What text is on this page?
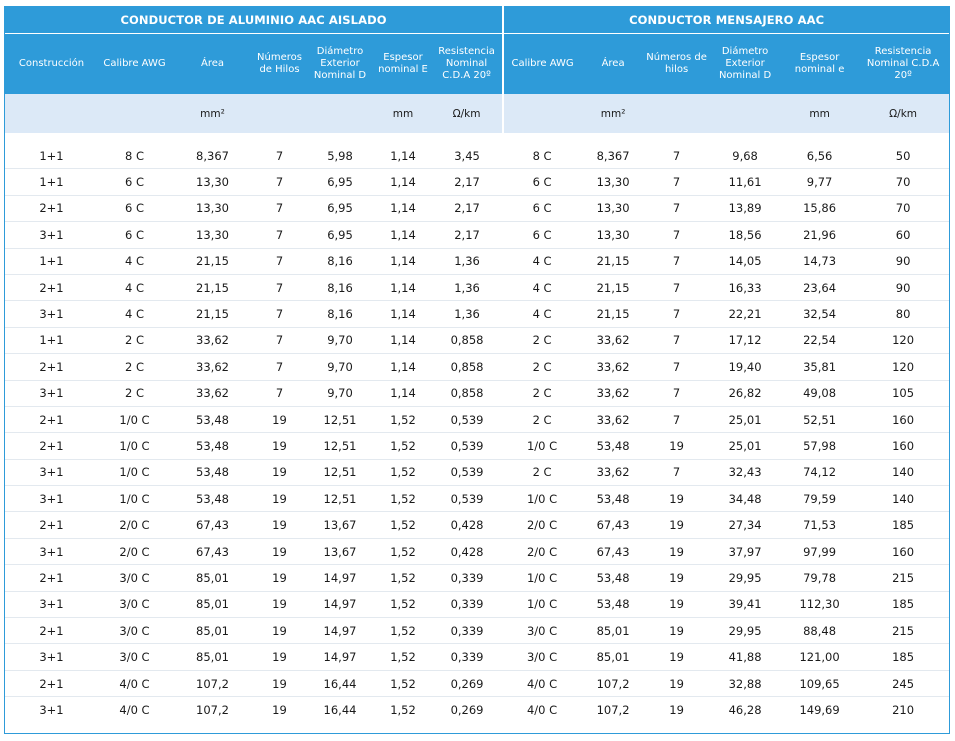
CONDUCTOR DE ALUMINIO AAC AISLADO							CONDUCTOR MENSAJERO AAC					
Construcción	Calibre AWG	Área	Números de Hilos	Diámetro Exterior Nominal D	Espesor nominal E	Resistencia Nominal C.D.A 20º	Calibre AWG	Área	Números de hilos	Diámetro Exterior Nominal D	Espesor nominal e	Resistencia Nominal C.D.A 20º
		mm²			mm	Ω/km		mm²			mm	Ω/km

1+1	8 C	8,367	7	5,98	1,14	3,45	8 C	8,367	7	9,68	6,56	50
1+1	6 C	13,30	7	6,95	1,14	2,17	6 C	13,30	7	11,61	9,77	70
2+1	6 C	13,30	7	6,95	1,14	2,17	6 C	13,30	7	13,89	15,86	70
3+1	6 C	13,30	7	6,95	1,14	2,17	6 C	13,30	7	18,56	21,96	60
1+1	4 C	21,15	7	8,16	1,14	1,36	4 C	21,15	7	14,05	14,73	90
2+1	4 C	21,15	7	8,16	1,14	1,36	4 C	21,15	7	16,33	23,64	90
3+1	4 C	21,15	7	8,16	1,14	1,36	4 C	21,15	7	22,21	32,54	80
1+1	2 C	33,62	7	9,70	1,14	0,858	2 C	33,62	7	17,12	22,54	120
2+1	2 C	33,62	7	9,70	1,14	0,858	2 C	33,62	7	19,40	35,81	120
3+1	2 C	33,62	7	9,70	1,14	0,858	2 C	33,62	7	26,82	49,08	105
2+1	1/0 C	53,48	19	12,51	1,52	0,539	2 C	33,62	7	25,01	52,51	160
2+1	1/0 C	53,48	19	12,51	1,52	0,539	1/0 C	53,48	19	25,01	57,98	160
3+1	1/0 C	53,48	19	12,51	1,52	0,539	2 C	33,62	7	32,43	74,12	140
3+1	1/0 C	53,48	19	12,51	1,52	0,539	1/0 C	53,48	19	34,48	79,59	140
2+1	2/0 C	67,43	19	13,67	1,52	0,428	2/0 C	67,43	19	27,34	71,53	185
3+1	2/0 C	67,43	19	13,67	1,52	0,428	2/0 C	67,43	19	37,97	97,99	160
2+1	3/0 C	85,01	19	14,97	1,52	0,339	1/0 C	53,48	19	29,95	79,78	215
3+1	3/0 C	85,01	19	14,97	1,52	0,339	1/0 C	53,48	19	39,41	112,30	185
2+1	3/0 C	85,01	19	14,97	1,52	0,339	3/0 C	85,01	19	29,95	88,48	215
3+1	3/0 C	85,01	19	14,97	1,52	0,339	3/0 C	85,01	19	41,88	121,00	185
2+1	4/0 C	107,2	19	16,44	1,52	0,269	4/0 C	107,2	19	32,88	109,65	245
3+1	4/0 C	107,2	19	16,44	1,52	0,269	4/0 C	107,2	19	46,28	149,69	210
